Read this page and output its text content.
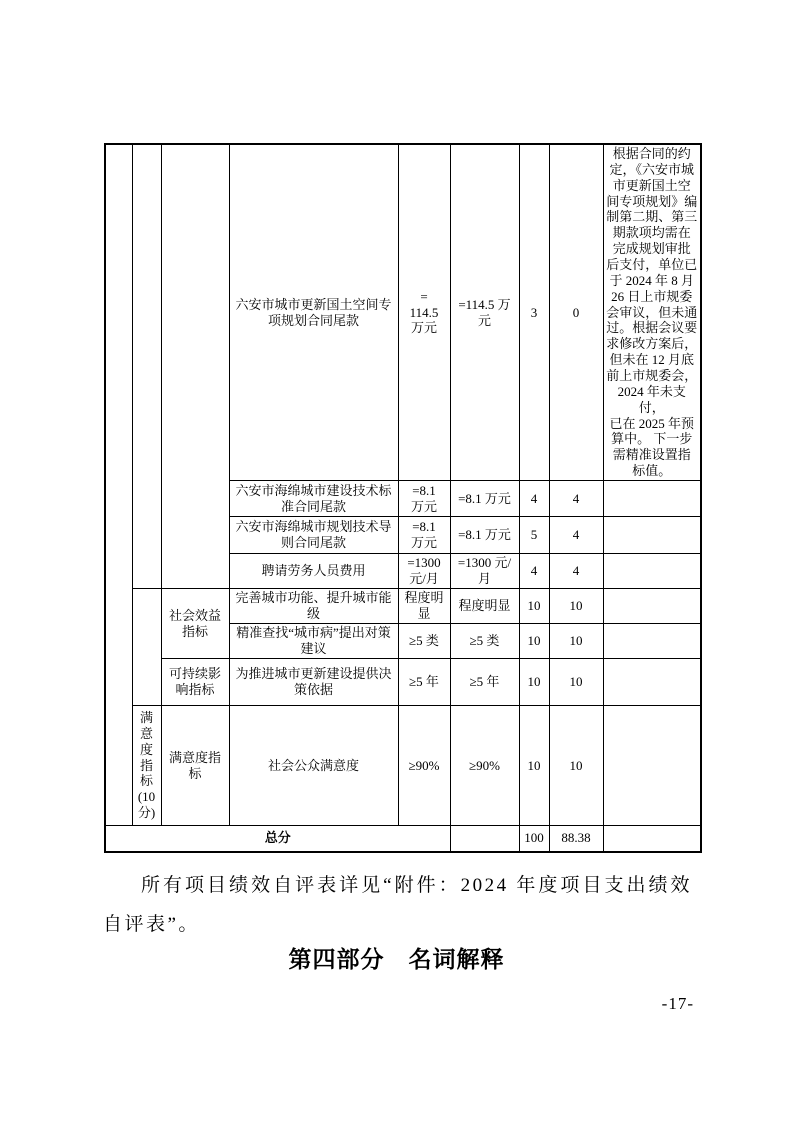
			六安市城市更新国土空间专项规划合同尾款	=
114.5
万元	=114.5 万
元	3	0	根据合同的约
定，《六安市城
市更新国土空
间专项规划》编
制第二期、第三
期款项均需在
完成规划审批
后支付，单位已
于 2024 年 8 月
26 日上市规委
会审议，但未通
过。根据会议要
求修改方案后，
但未在 12 月底
前上市规委会，
2024 年未支付，
已在 2025 年预
算中。 下一步
需精准设置指
标值。
			六安市海绵城市建设技术标准合同尾款	=8.1
万元	=8.1 万元	4	4	
			六安市海绵城市规划技术导则合同尾款	=8.1
万元	=8.1 万元	5	4	
			聘请劳务人员费用	=1300
元/月	=1300 元/
月	4	4	
		社会效益指标	完善城市功能、提升城市能级	程度明
显	程度明显	10	10	
			精准查找“城市病”提出对策建议	≥5 类	≥5 类	10	10	
		可持续影响指标	为推进城市更新建设提供决策依据	≥5 年	≥5 年	10	10	
满
意
度
指
标
(10
分)	满意度指标	社会公众满意度	≥90%	≥90%	10	10	
总分						100	88.38	
所有项目绩效自评表详见“附件：2024 年度项目支出绩效自评表”。
第四部分　名词解释
-17-
